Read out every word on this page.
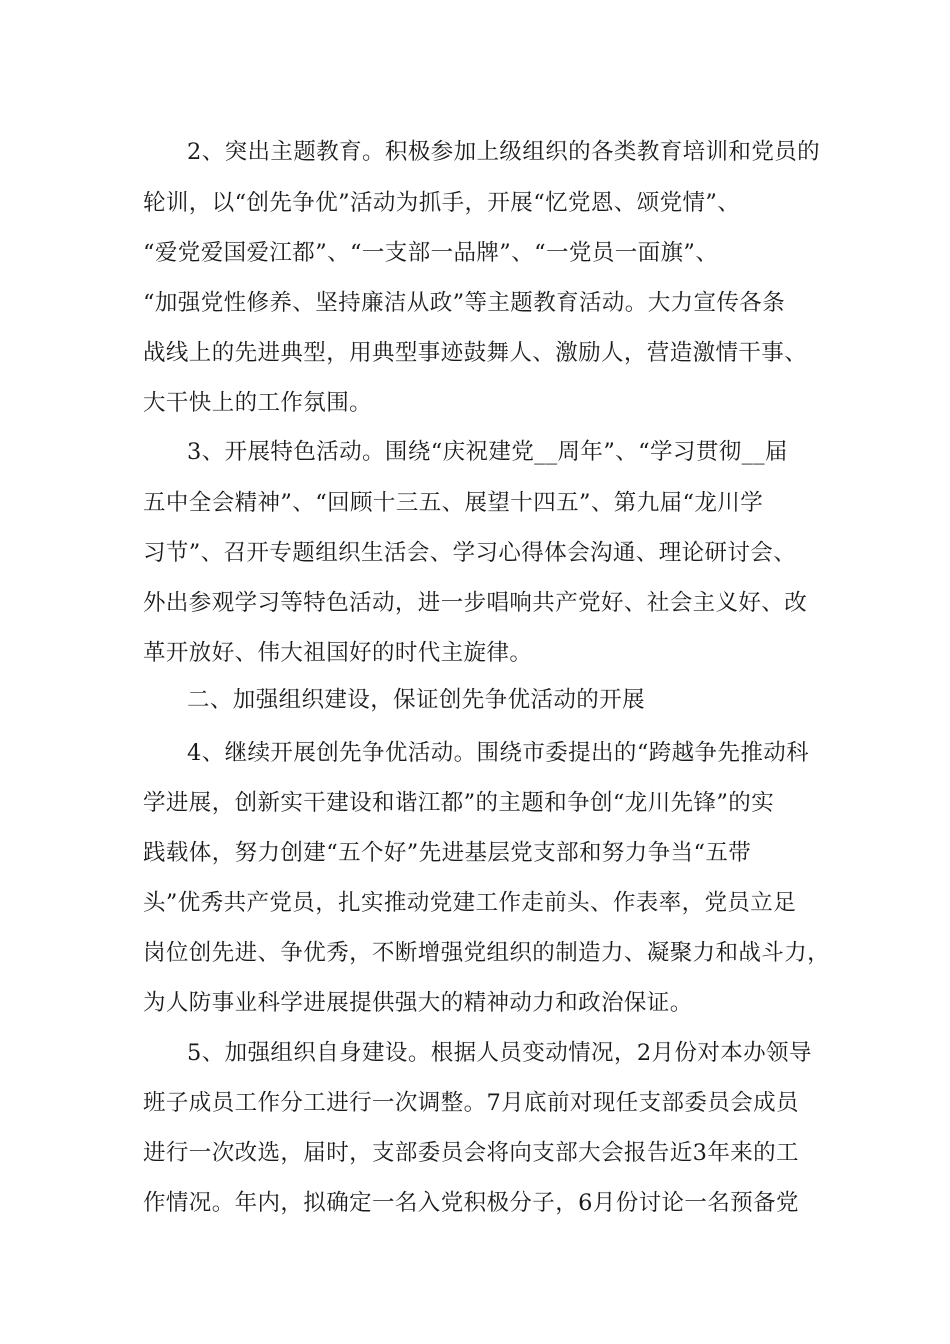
2、突出主题教育。积极参加上级组织的各类教育培训和党员的
轮训，以“创先争优”活动为抓手，开展“忆党恩、颂党情”、
“爱党爱国爱江都”、“一支部一品牌”、“一党员一面旗”、
“加强党性修养、坚持廉洁从政”等主题教育活动。大力宣传各条
战线上的先进典型，用典型事迹鼓舞人、激励人，营造激情干事、
大干快上的工作氛围。
3、开展特色活动。围绕“庆祝建党__周年”、“学习贯彻__届
五中全会精神”、“回顾十三五、展望十四五”、第九届“龙川学
习节”、召开专题组织生活会、学习心得体会沟通、理论研讨会、
外出参观学习等特色活动，进一步唱响共产党好、社会主义好、改
革开放好、伟大祖国好的时代主旋律。
二、加强组织建设，保证创先争优活动的开展
4、继续开展创先争优活动。围绕市委提出的“跨越争先推动科
学进展，创新实干建设和谐江都”的主题和争创“龙川先锋”的实
践载体，努力创建“五个好”先进基层党支部和努力争当“五带
头”优秀共产党员，扎实推动党建工作走前头、作表率，党员立足
岗位创先进、争优秀，不断增强党组织的制造力、凝聚力和战斗力，
为人防事业科学进展提供强大的精神动力和政治保证。
5、加强组织自身建设。根据人员变动情况，2月份对本办领导
班子成员工作分工进行一次调整。7月底前对现任支部委员会成员
进行一次改选，届时，支部委员会将向支部大会报告近3年来的工
作情况。年内，拟确定一名入党积极分子，6月份讨论一名预备党
